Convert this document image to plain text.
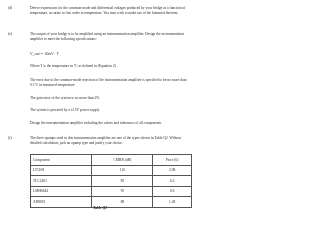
(d)	Derive expressions for the common mode and differential voltages produced by your bridge as a function of temperature, accurate to first order in temperature. You may wish to make use of the binomial theorem.
(e)	The output of your bridge is to be amplified using an instrumentation amplifier. Design the instrumentation amplifier to meet the following specifications:
V_out = 10mV · T
Where T is the temperature in °C as defined in (Equation 2)
The error due to the common-mode rejection of the instrumentation amplifier is specified to be no more than 0.1°C in measured temperature
The gain error of the system is no more than 2%
The system is powered by a ±15V power supply
Design the instrumentation amplifier including the values and tolerances of all components.
(f)	The three opamps used in this instrumentation amplifier are one of the types shown in Table Q2. Without detailed calculation, pick an opamp type and justify your choice.
Component	CMRR (dB)	Price (£)
LT1168	116	2.08
TLC2201	85	6.2
LMH6642	95	0.6
AD8091	88	1.28
Table Q2
